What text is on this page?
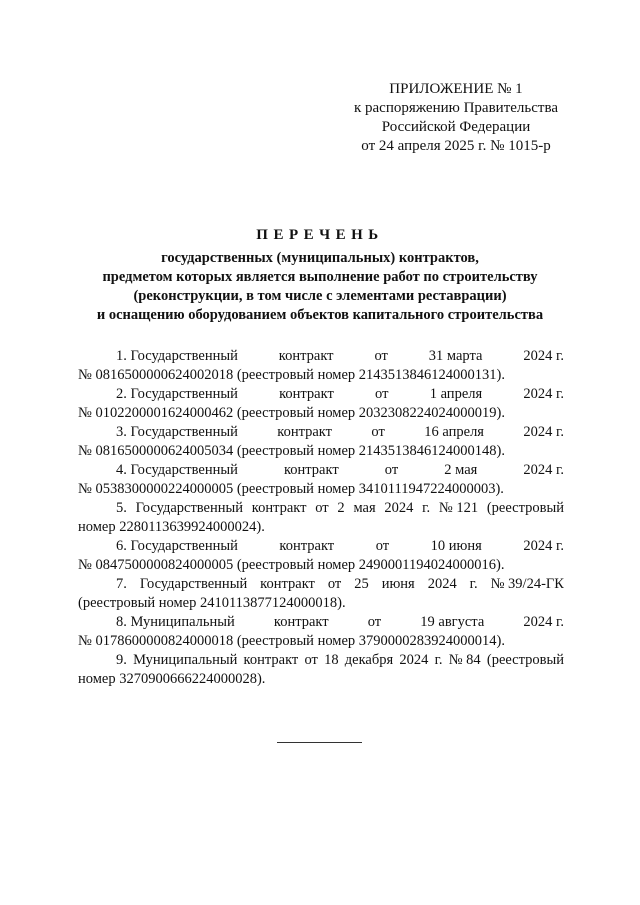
ПРИЛОЖЕНИЕ № 1
к распоряжению Правительства
Российской Федерации
от 24 апреля 2025 г. № 1015-р
ПЕРЕЧЕНЬ
государственных (муниципальных) контрактов,
предметом которых является выполнение работ по строительству
(реконструкции, в том числе с элементами реставрации)
и оснащению оборудованием объектов капитального строительства
1. Государственный	контракт	от	31 марта	2024 г.
№ 0816500000624002018 (реестровый номер 2143513846124000131).
2. Государственный	контракт	от	1 апреля	2024 г.
№ 0102200001624000462 (реестровый номер 2032308224024000019).
3. Государственный	контракт	от	16 апреля	2024 г.
№ 0816500000624005034 (реестровый номер 2143513846124000148).
4. Государственный	контракт	от	2 мая	2024 г.
№ 0538300000224000005 (реестровый номер 3410111947224000003).
5. Государственный контракт от 2 мая 2024 г. № 121 (реестровый
номер 2280113639924000024).
6. Государственный	контракт	от	10 июня	2024 г.
№ 0847500000824000005 (реестровый номер 2490001194024000016).
7. Государственный контракт от 25 июня 2024 г. № 39/24-ГК
(реестровый номер 2410113877124000018).
8. Муниципальный	контракт	от	19 августа	2024 г.
№ 0178600000824000018 (реестровый номер 3790000283924000014).
9. Муниципальный контракт от 18 декабря 2024 г. № 84 (реестровый
номер 3270900666224000028).
